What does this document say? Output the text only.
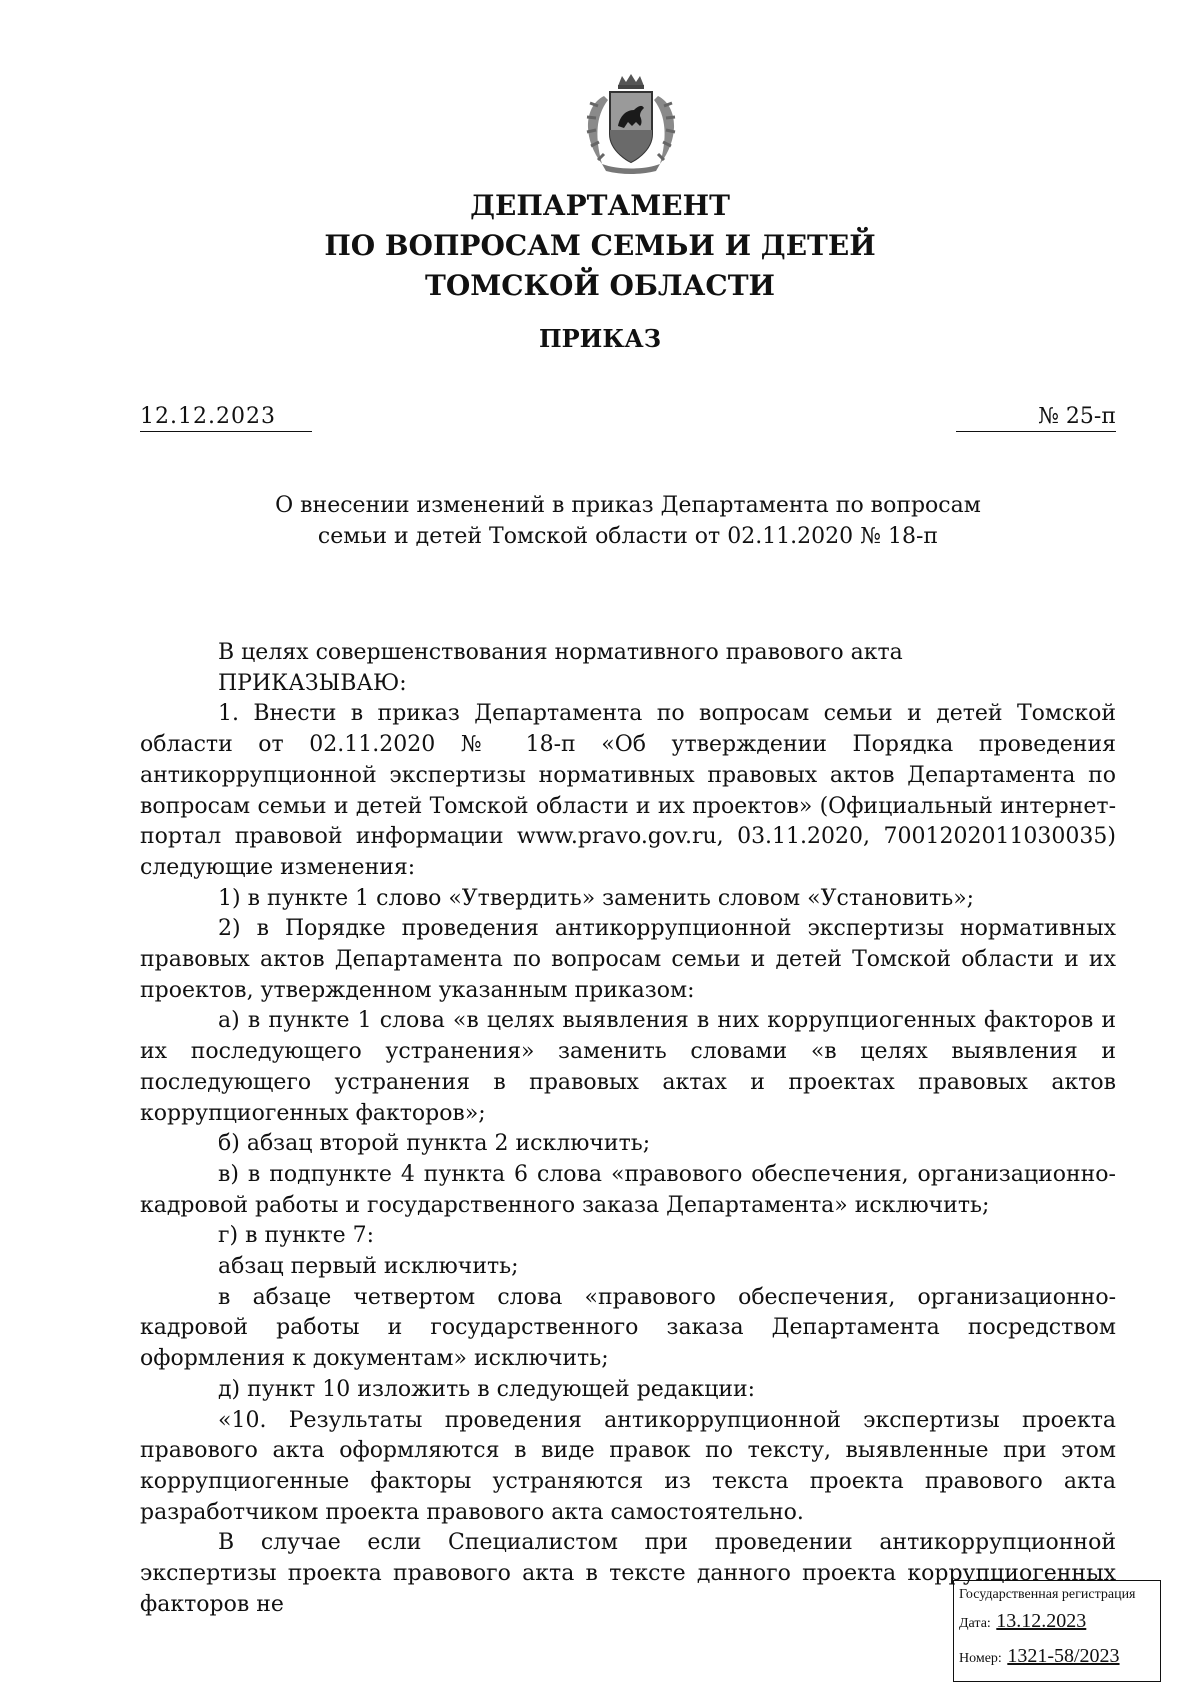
ДЕПАРТАМЕНТ
ПО ВОПРОСАМ СЕМЬИ И ДЕТЕЙ
ТОМСКОЙ ОБЛАСТИ
ПРИКАЗ
12.12.2023	№ 25-п
О внесении изменений в приказ Департамента по вопросам
семьи и детей Томской области от 02.11.2020 № 18-п

В целях совершенствования нормативного правового акта

ПРИКАЗЫВАЮ:

1. Внести в приказ Департамента по вопросам семьи и детей Томской области от 02.11.2020 № 18-п «Об утверждении Порядка проведения антикоррупционной экспертизы нормативных правовых актов Департамента по вопросам семьи и детей Томской области и их проектов» (Официальный интернет-портал правовой информации www.pravo.gov.ru, 03.11.2020, 7001202011030035) следующие изменения:

1) в пункте 1 слово «Утвердить» заменить словом «Установить»;

2) в Порядке проведения антикоррупционной экспертизы нормативных правовых актов Департамента по вопросам семьи и детей Томской области и их проектов, утвержденном указанным приказом:

а) в пункте 1 слова «в целях выявления в них коррупциогенных факторов и их последующего устранения» заменить словами «в целях выявления и последующего устранения в правовых актах и проектах правовых актов коррупциогенных факторов»;

б) абзац второй пункта 2 исключить;

в) в подпункте 4 пункта 6 слова «правового обеспечения, организационно-кадровой работы и государственного заказа Департамента» исключить;

г) в пункте 7:

абзац первый исключить;

в абзаце четвертом слова «правового обеспечения, организационно-кадровой работы и государственного заказа Департамента посредством оформления к документам» исключить;

д) пункт 10 изложить в следующей редакции:

«10. Результаты проведения антикоррупционной экспертизы проекта правового акта оформляются в виде правок по тексту, выявленные при этом коррупциогенные факторы устраняются из текста проекта правового акта разработчиком проекта правового акта самостоятельно.

В случае если Специалистом при проведении антикоррупционной экспертизы проекта правового акта в тексте данного проекта коррупциогенных факторов не	Государственная регистрация
Дата: 13.12.2023
Номер: 1321-58/2023
